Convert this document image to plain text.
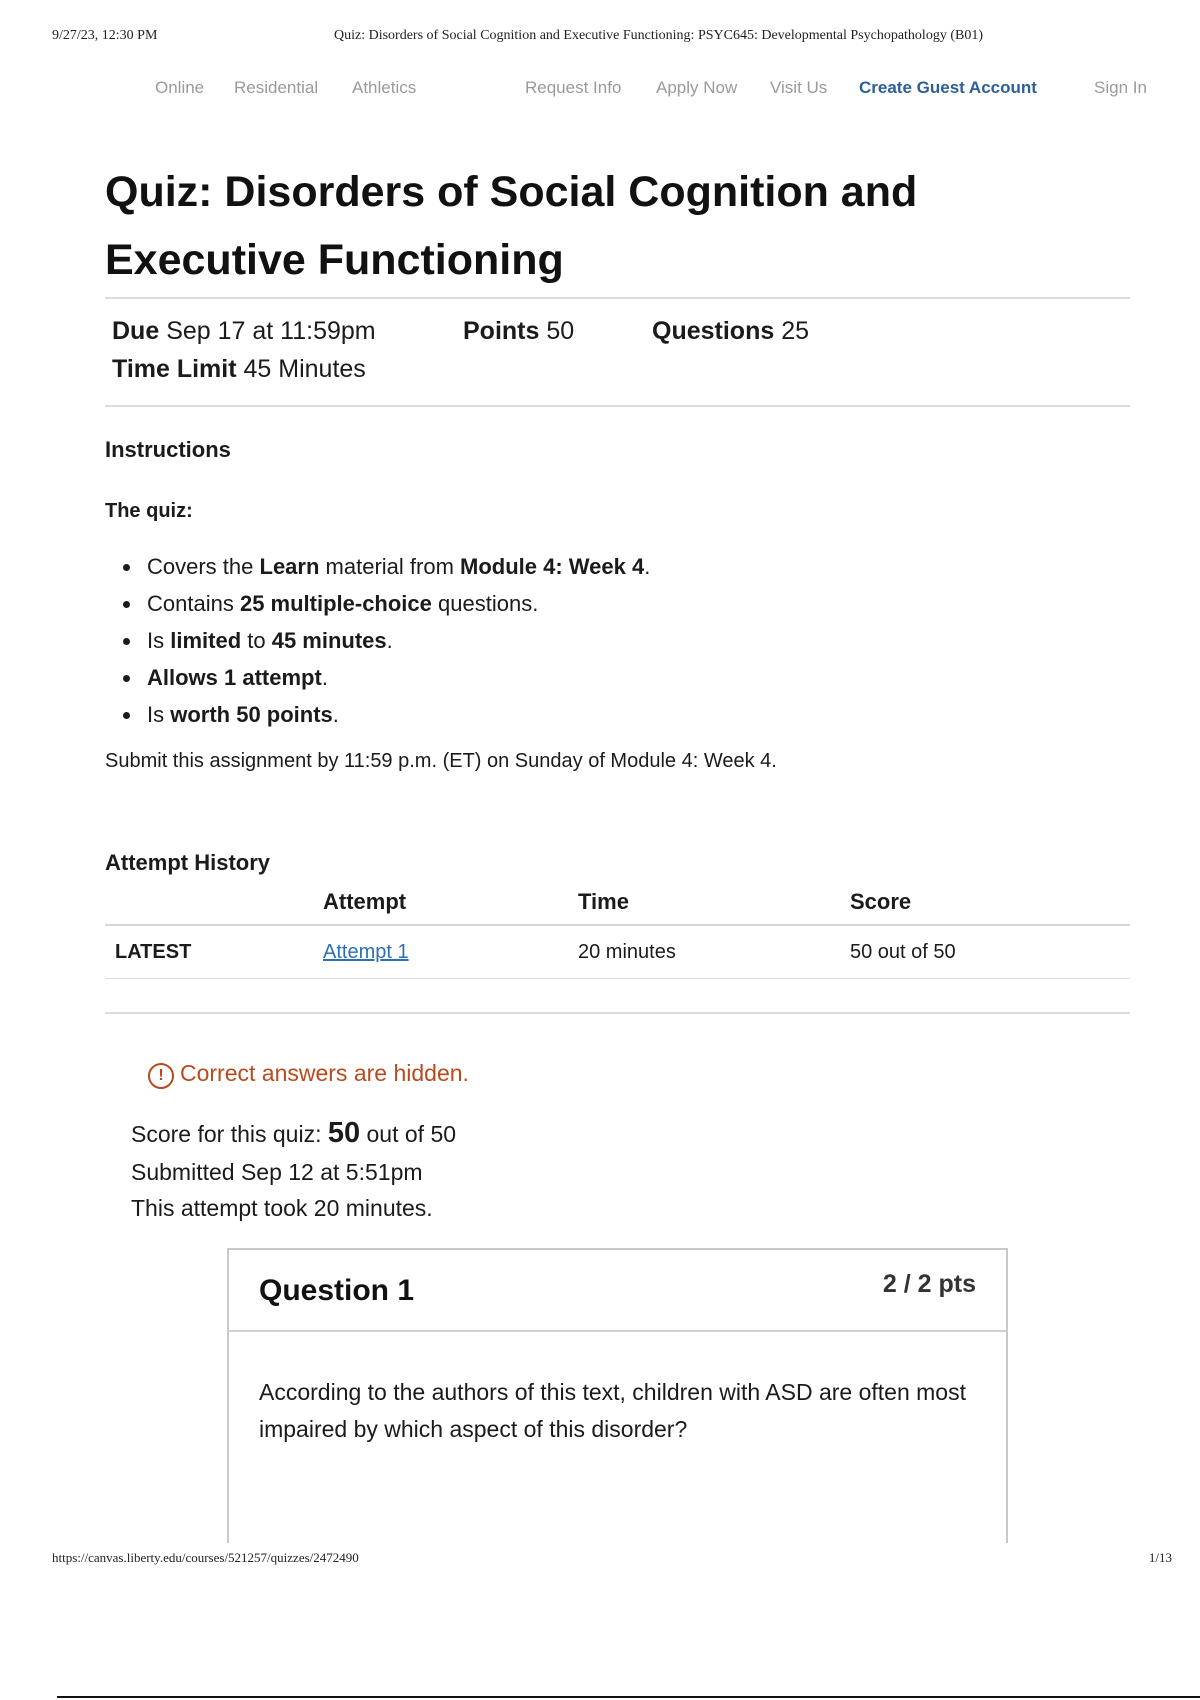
9/27/23, 12:30 PM	Quiz: Disorders of Social Cognition and Executive Functioning: PSYC645: Developmental Psychopathology (B01)
Online Residential Athletics	Request Info Apply Now Visit Us Create Guest Account	Sign In
Quiz: Disorders of Social Cognition and Executive Functioning
Due Sep 17 at 11:59pm	Points 50	Questions 25
Time Limit 45 Minutes
Instructions
The quiz:
• Covers the Learn material from Module 4: Week 4.
• Contains 25 multiple-choice questions.
• Is limited to 45 minutes.
• Allows 1 attempt.
• Is worth 50 points.
Submit this assignment by 11:59 p.m. (ET) on Sunday of Module 4: Week 4.
Attempt History
	Attempt	Time	Score
LATEST	Attempt 1	20 minutes	50 out of 50
! Correct answers are hidden.
Score for this quiz: 50 out of 50
Submitted Sep 12 at 5:51pm
This attempt took 20 minutes.
Question 1	2 / 2 pts
According to the authors of this text, children with ASD are often most impaired by which aspect of this disorder?
https://canvas.liberty.edu/courses/521257/quizzes/2472490	1/13
